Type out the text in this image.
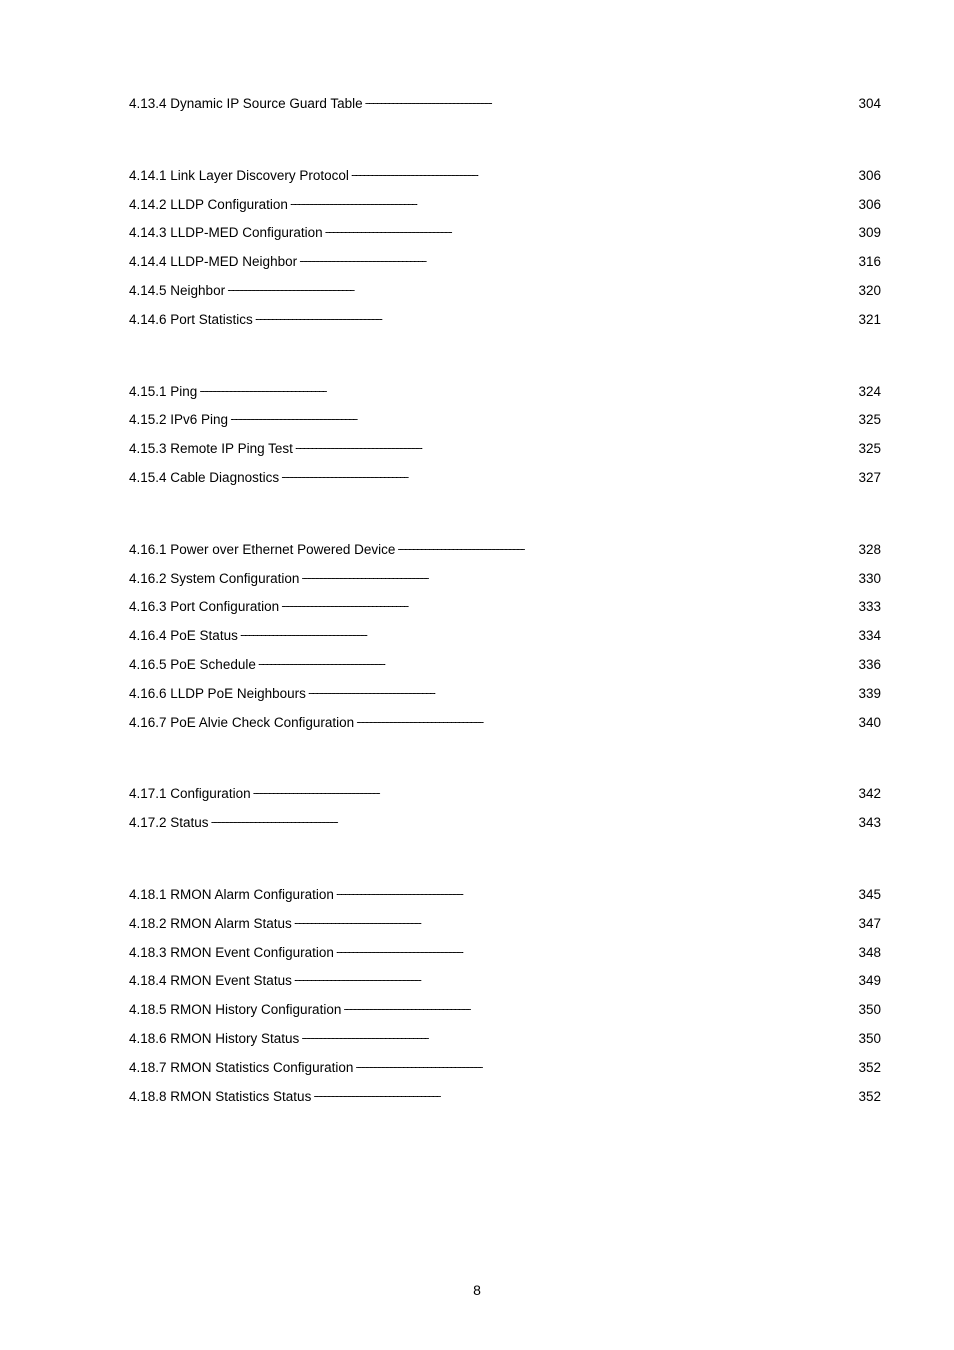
4.13.4 Dynamic IP Source Guard Table . . .	304
4.14.1 Link Layer Discovery Protocol . . .	306
4.14.2 LLDP Configuration . . .	306
4.14.3 LLDP-MED Configuration . . .	309
4.14.4 LLDP-MED Neighbor . . .	316
4.14.5 Neighbor . . .	320
4.14.6 Port Statistics . . .	321
4.15.1 Ping . . .	324
4.15.2 IPv6 Ping . . .	325
4.15.3 Remote IP Ping Test . . .	325
4.15.4 Cable Diagnostics . . .	327
4.16.1 Power over Ethernet Powered Device . . .	328
4.16.2 System Configuration . . .	330
4.16.3 Port Configuration . . .	333
4.16.4 PoE Status . . .	334
4.16.5 PoE Schedule . . .	336
4.16.6 LLDP PoE Neighbours . . .	339
4.16.7 PoE Alvie Check Configuration . . .	340
4.17.1 Configuration . . .	342
4.17.2 Status . . .	343
4.18.1 RMON Alarm Configuration . . .	345
4.18.2 RMON Alarm Status . . .	347
4.18.3 RMON Event Configuration . . .	348
4.18.4 RMON Event Status . . .	349
4.18.5 RMON History Configuration . . .	350
4.18.6 RMON History Status . . .	350
4.18.7 RMON Statistics Configuration . . .	352
4.18.8 RMON Statistics Status . . .	352
8
